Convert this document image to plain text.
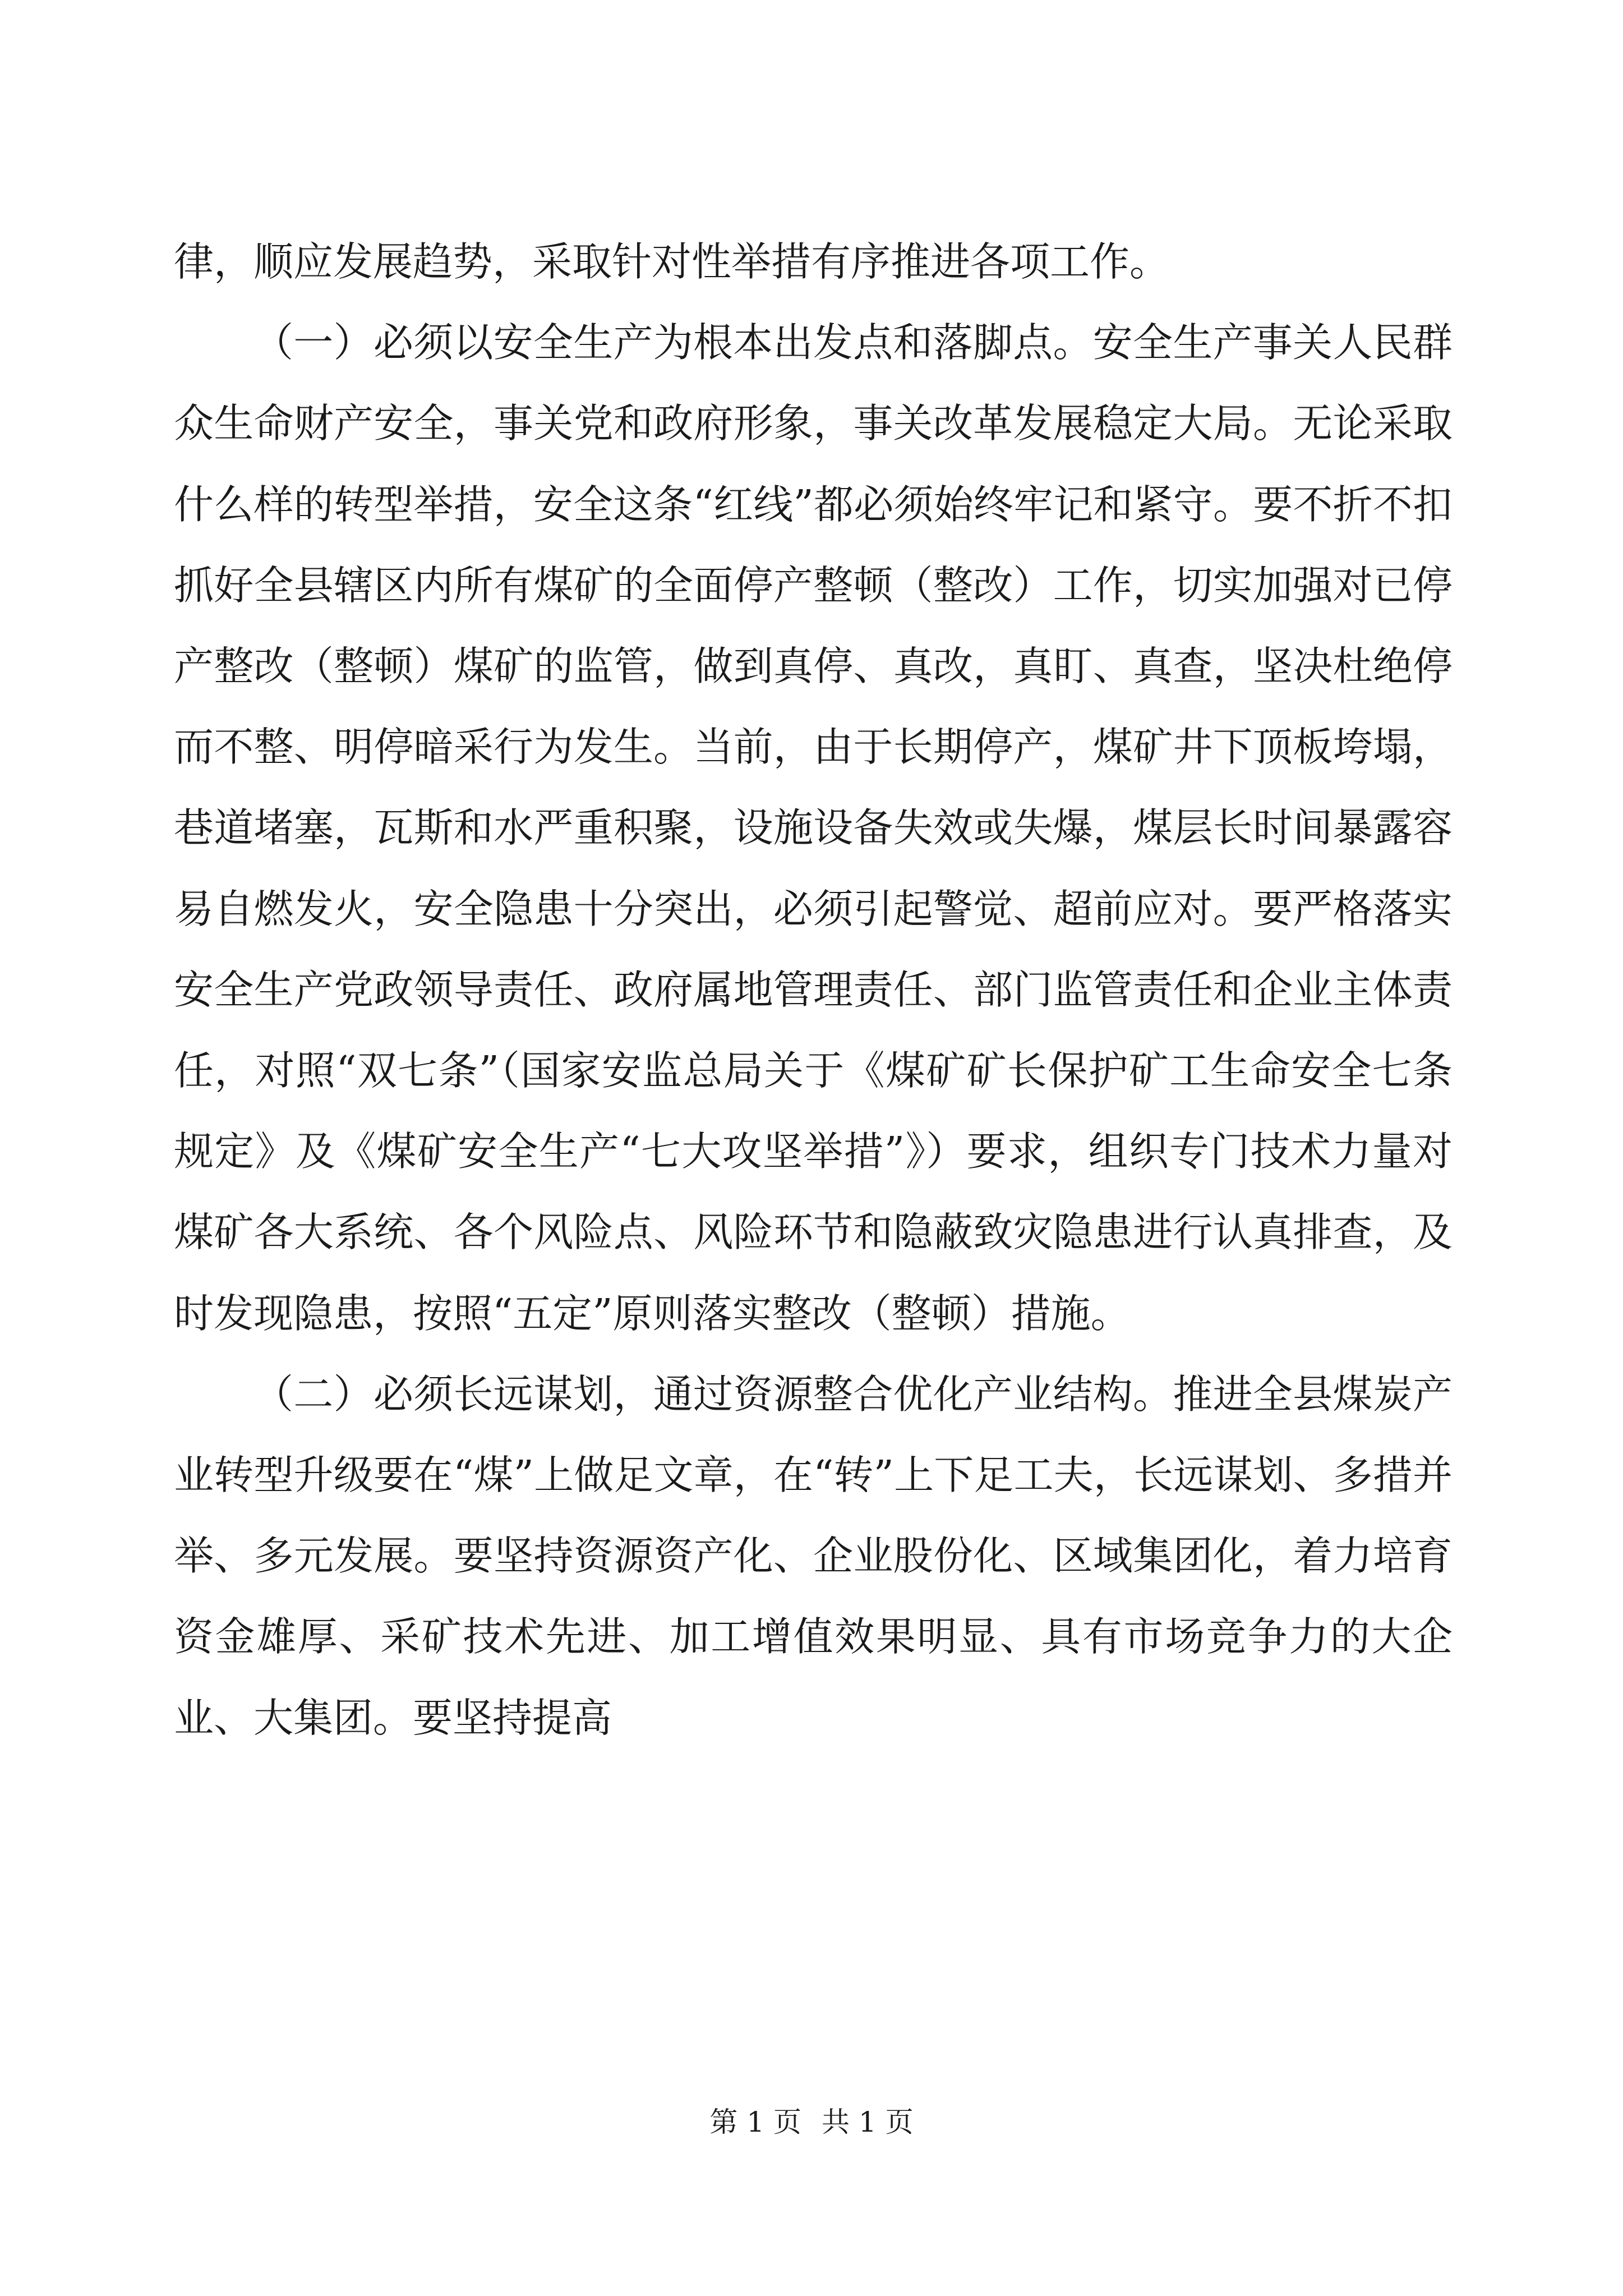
律，顺应发展趋势，采取针对性举措有序推进各项工作。

（一）必须以安全生产为根本出发点和落脚点。安全生产事关人民群众生命财产安全，事关党和政府形象，事关改革发展稳定大局。无论采取什么样的转型举措，安全这条“红线”都必须始终牢记和紧守。要不折不扣抓好全县辖区内所有煤矿的全面停产整顿（整改）工作，切实加强对已停产整改（整顿）煤矿的监管，做到真停、真改，真盯、真查，坚决杜绝停而不整、明停暗采行为发生。当前，由于长期停产，煤矿井下顶板垮塌，巷道堵塞，瓦斯和水严重积聚，设施设备失效或失爆，煤层长时间暴露容易自燃发火，安全隐患十分突出，必须引起警觉、超前应对。要严格落实安全生产党政领导责任、政府属地管理责任、部门监管责任和企业主体责任，对照“双七条”（国家安监总局关于《煤矿矿长保护矿工生命安全七条规定》及《煤矿安全生产“七大攻坚举措”》）要求，组织专门技术力量对煤矿各大系统、各个风险点、风险环节和隐蔽致灾隐患进行认真排查，及时发现隐患，按照“五定”原则落实整改（整顿）措施。

（二）必须长远谋划，通过资源整合优化产业结构。推进全县煤炭产业转型升级要在“煤”上做足文章，在“转”上下足工夫，长远谋划、多措并举、多元发展。要坚持资源资产化、企业股份化、区域集团化，着力培育资金雄厚、采矿技术先进、加工增值效果明显、具有市场竞争力的大企业、大集团。要坚持提高

第 1 页 共 1 页
